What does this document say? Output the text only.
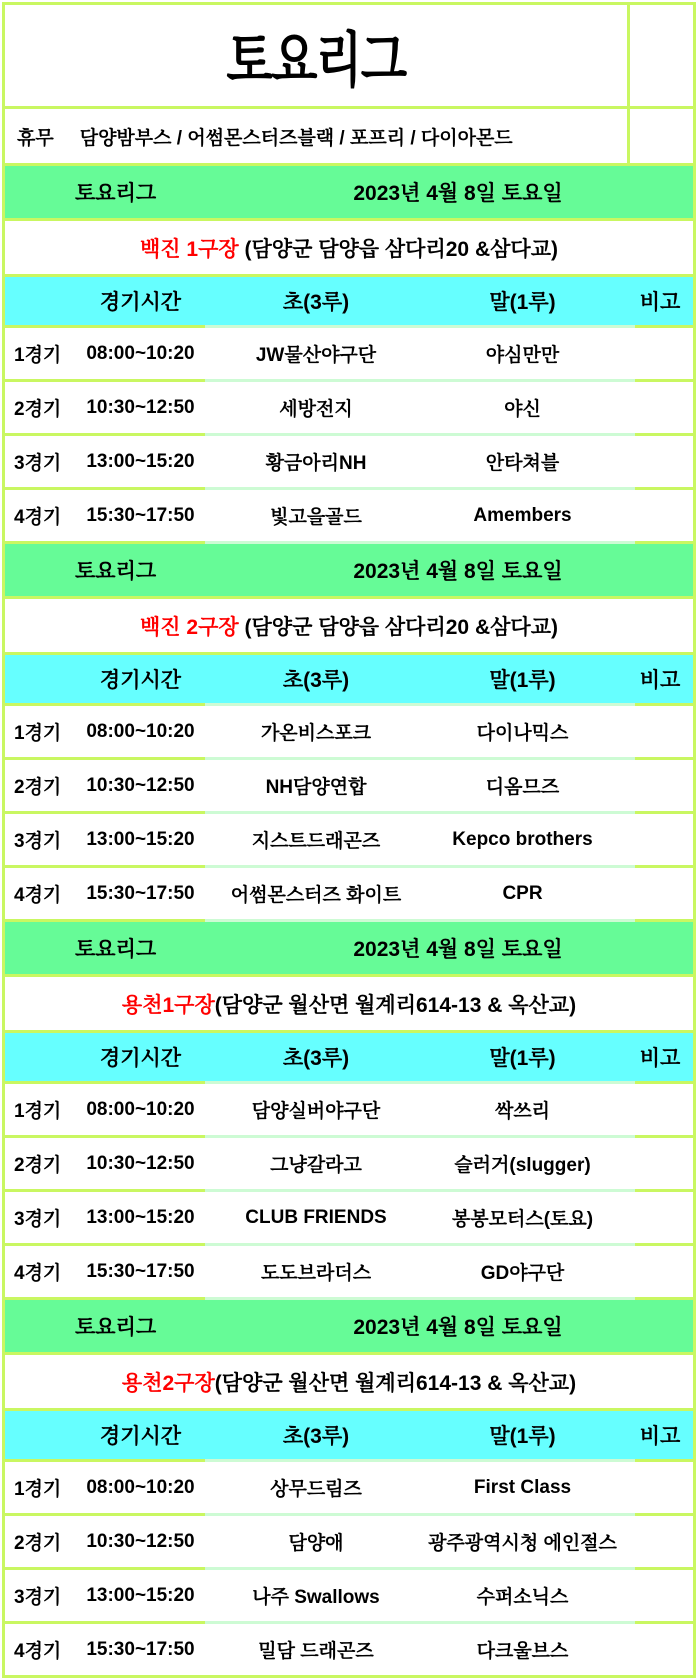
토요리그
휴무 담양밤부스 / 어썸몬스터즈블랙 / 포프리 / 다이아몬드
토요리그	2023년 4월 8일 토요일
백진 1구장 (담양군 담양읍 삼다리20 &삼다교)
경기시간	초(3루)	말(1루)	비고
1경기	08:00~10:20	JW물산야구단	야심만만
2경기	10:30~12:50	세방전지	야신
3경기	13:00~15:20	황금아리NH	안타쳐블
4경기	15:30~17:50	빛고을골드	Amembers
토요리그	2023년 4월 8일 토요일
백진 2구장 (담양군 담양읍 삼다리20 &삼다교)
경기시간	초(3루)	말(1루)	비고
1경기	08:00~10:20	가온비스포크	다이나믹스
2경기	10:30~12:50	NH담양연합	디옴므즈
3경기	13:00~15:20	지스트드래곤즈	Kepco brothers
4경기	15:30~17:50	어썸몬스터즈 화이트	CPR
토요리그	2023년 4월 8일 토요일
용천1구장 (담양군 월산면 월계리614-13 & 옥산교)
경기시간	초(3루)	말(1루)	비고
1경기	08:00~10:20	담양실버야구단	싹쓰리
2경기	10:30~12:50	그냥갈라고	슬러거(slugger)
3경기	13:00~15:20	CLUB FRIENDS	봉봉모터스(토요)
4경기	15:30~17:50	도도브라더스	GD야구단
토요리그	2023년 4월 8일 토요일
용천2구장 (담양군 월산면 월계리614-13 & 옥산교)
경기시간	초(3루)	말(1루)	비고
1경기	08:00~10:20	상무드림즈	First Class
2경기	10:30~12:50	담양애	광주광역시청 에인절스
3경기	13:00~15:20	나주 Swallows	수퍼소닉스
4경기	15:30~17:50	밀담 드래곤즈	다크울브스
